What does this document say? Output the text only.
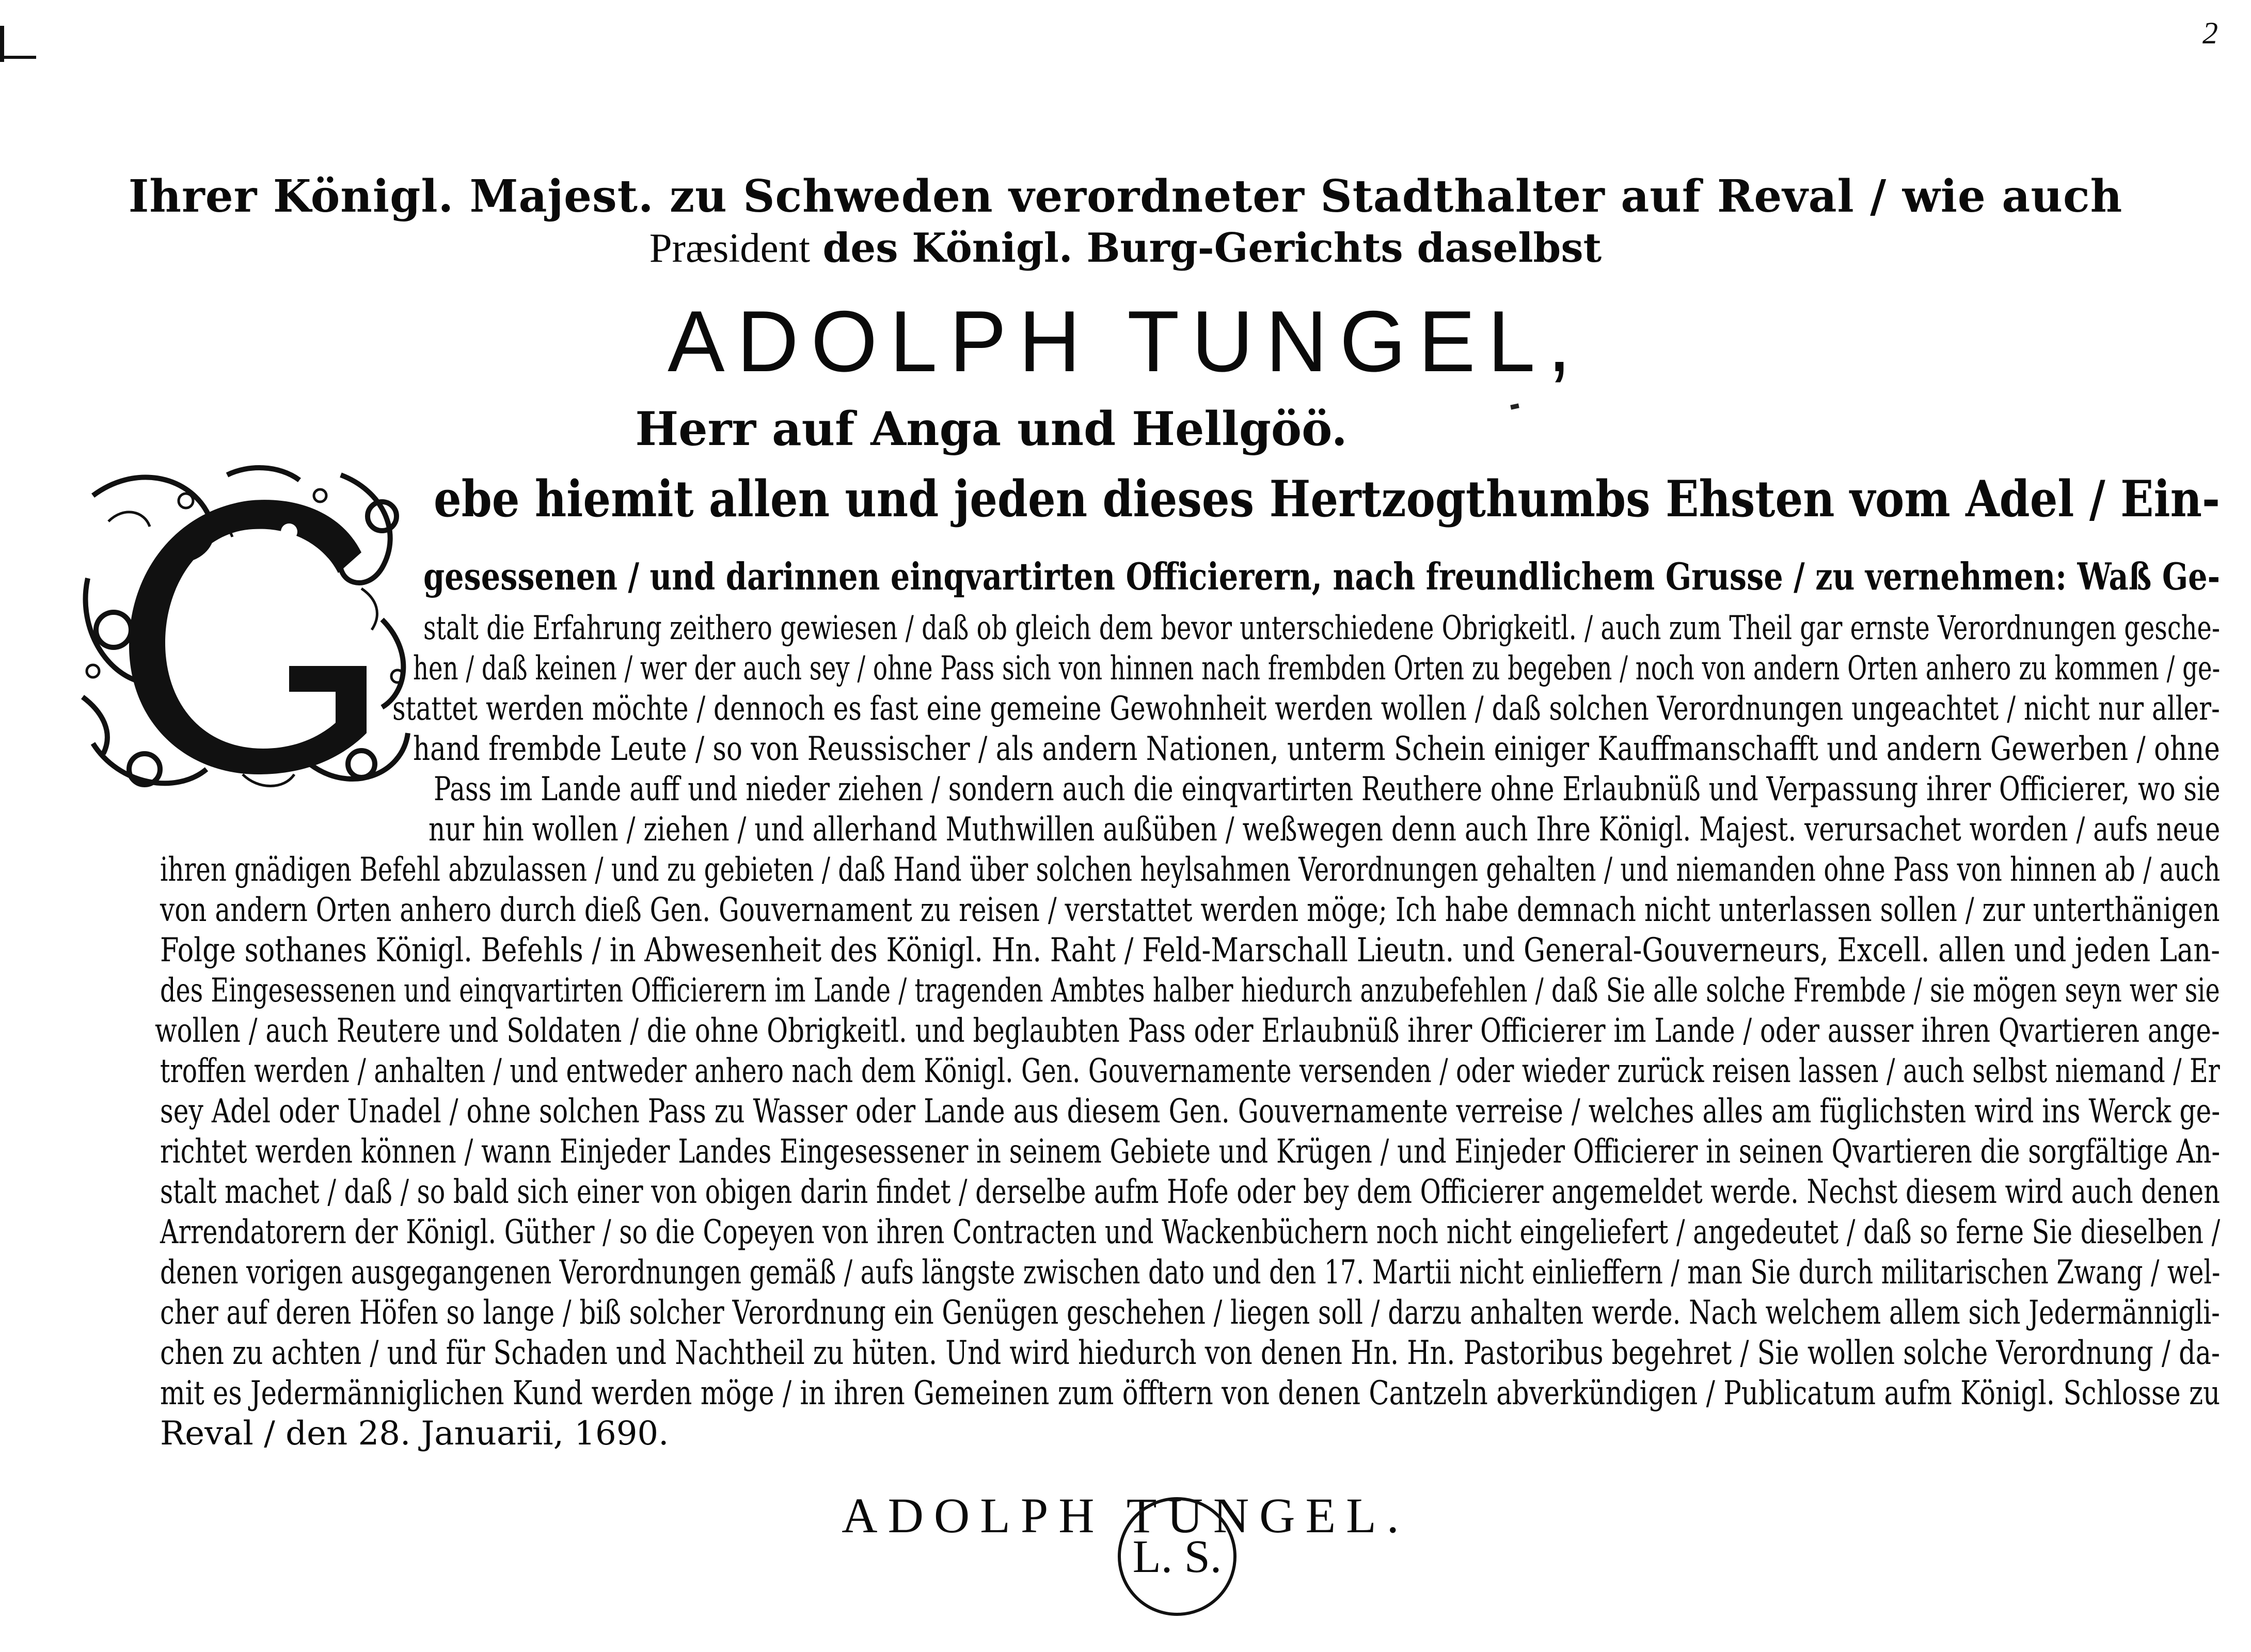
2
Ihrer Königl. Majest. zu Schweden verordneter Stadthalter auf Reval / wie auch
Præsident des Königl. Burg-Gerichts daselbst
ADOLPH TUNGEL,
Herr auf Anga und Hellgöö.
ebe hiemit allen und jeden dieses Hertzogthumbs Ehsten vom Adel / Ein-
gesessenen / und darinnen einqvartirten Officierern, nach freundlichem Grusse / zu vernehmen: Waß Ge-
stalt die Erfahrung zeithero gewiesen / daß ob gleich dem bevor unterschiedene Obrigkeitl. / auch zum Theil gar ernste Verordnungen gesche-
hen / daß keinen / wer der auch sey / ohne Pass sich von hinnen nach frembden Orten zu begeben / noch von andern Orten anhero zu kommen / ge-
stattet werden möchte / dennoch es fast eine gemeine Gewohnheit werden wollen / daß solchen Verordnungen ungeachtet / nicht nur aller-
hand frembde Leute / so von Reussischer / als andern Nationen, unterm Schein einiger Kauffmanschafft und andern Gewerben / ohne
Pass im Lande auff und nieder ziehen / sondern auch die einqvartirten Reuthere ohne Erlaubnüß und Verpassung ihrer Officierer, wo sie
nur hin wollen / ziehen / und allerhand Muthwillen außüben / weßwegen denn auch Ihre Königl. Majest. verursachet worden / aufs neue
ihren gnädigen Befehl abzulassen / und zu gebieten / daß Hand über solchen heylsahmen Verordnungen gehalten / und niemanden ohne Pass von hinnen ab / auch
von andern Orten anhero durch dieß Gen. Gouvernament zu reisen / verstattet werden möge; Ich habe demnach nicht unterlassen sollen / zur unterthänigen
Folge sothanes Königl. Befehls / in Abwesenheit des Königl. Hn. Raht / Feld-Marschall Lieutn. und General-Gouverneurs, Excell. allen und jeden Lan-
des Eingesessenen und einqvartirten Officierern im Lande / tragenden Ambtes halber hiedurch anzubefehlen / daß Sie alle solche Frembde / sie mögen seyn wer sie
wollen / auch Reutere und Soldaten / die ohne Obrigkeitl. und beglaubten Pass oder Erlaubnüß ihrer Officierer im Lande / oder ausser ihren Qvartieren ange-
troffen werden / anhalten / und entweder anhero nach dem Königl. Gen. Gouvernamente versenden / oder wieder zurück reisen lassen / auch selbst niemand / Er
sey Adel oder Unadel / ohne solchen Pass zu Wasser oder Lande aus diesem Gen. Gouvernamente verreise / welches alles am füglichsten wird ins Werck ge-
richtet werden können / wann Einjeder Landes Eingesessener in seinem Gebiete und Krügen / und Einjeder Officierer in seinen Qvartieren die sorgfältige An-
stalt machet / daß / so bald sich einer von obigen darin findet / derselbe aufm Hofe oder bey dem Officierer angemeldet werde. Nechst diesem wird auch denen
Arrendatorern der Königl. Güther / so die Copeyen von ihren Contracten und Wackenbüchern noch nicht eingeliefert / angedeutet / daß so ferne Sie dieselben /
denen vorigen ausgegangenen Verordnungen gemäß / aufs längste zwischen dato und den 17. Martii nicht einlieffern / man Sie durch militarischen Zwang / wel-
cher auf deren Höfen so lange / biß solcher Verordnung ein Genügen geschehen / liegen soll / darzu anhalten werde. Nach welchem allem sich Jedermännigli-
chen zu achten / und für Schaden und Nachtheil zu hüten. Und wird hiedurch von denen Hn. Hn. Pastoribus begehret / Sie wollen solche Verordnung / da-
mit es Jedermänniglichen Kund werden möge / in ihren Gemeinen zum öfftern von denen Cantzeln abverkündigen / Publicatum aufm Königl. Schlosse zu
Reval / den 28. Januarii, 1690.
ADOLPH TUNGEL.
L. S.
